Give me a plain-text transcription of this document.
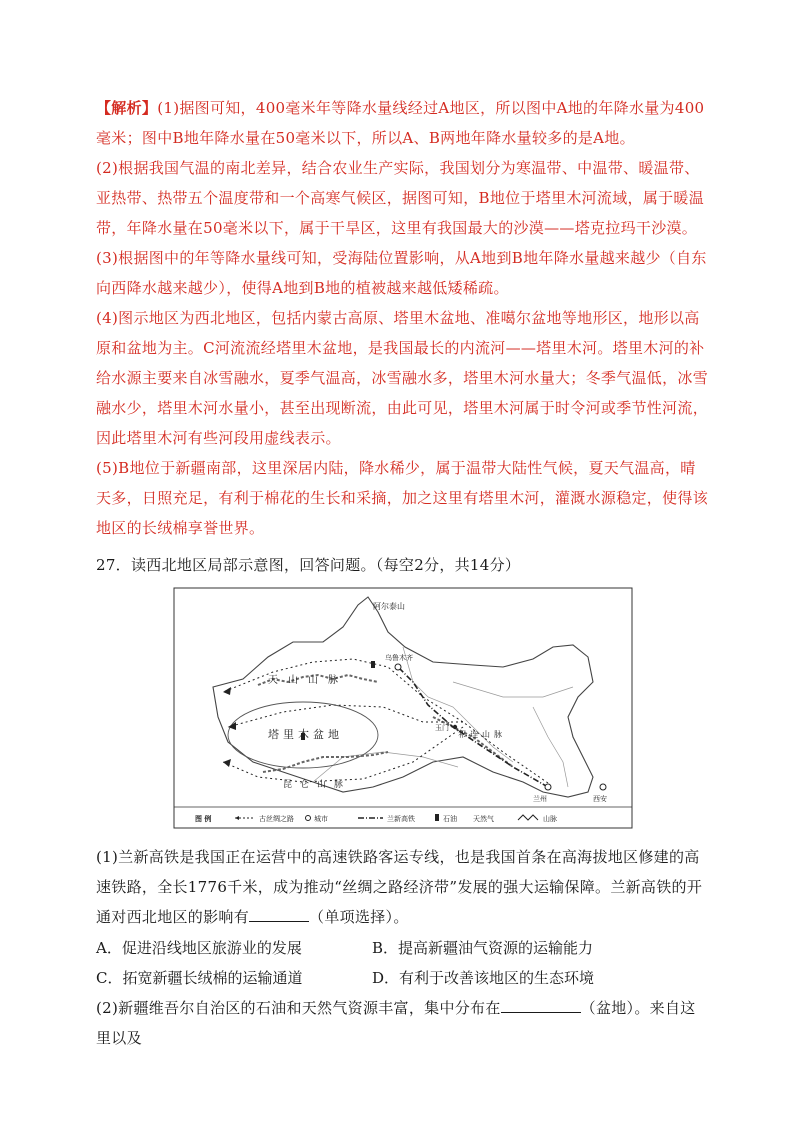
【解析】(1)据图可知，400毫米年等降水量线经过A地区，所以图中A地的年降水量为400毫米；图中B地年降水量在50毫米以下，所以A、B两地年降水量较多的是A地。

(2)根据我国气温的南北差异，结合农业生产实际，我国划分为寒温带、中温带、暖温带、亚热带、热带五个温度带和一个高寒气候区，据图可知，B地位于塔里木河流域，属于暖温带，年降水量在50毫米以下，属于干旱区，这里有我国最大的沙漠——塔克拉玛干沙漠。

(3)根据图中的年等降水量线可知，受海陆位置影响，从A地到B地年降水量越来越少（自东向西降水越来越少），使得A地到B地的植被越来越低矮稀疏。

(4)图示地区为西北地区，包括内蒙古高原、塔里木盆地、准噶尔盆地等地形区，地形以高原和盆地为主。C河流流经塔里木盆地，是我国最长的内流河——塔里木河。塔里木河的补给水源主要来自冰雪融水，夏季气温高，冰雪融水多，塔里木河水量大；冬季气温低，冰雪融水少，塔里木河水量小，甚至出现断流，由此可见，塔里木河属于时令河或季节性河流，因此塔里木河有些河段用虚线表示。

(5)B地位于新疆南部，这里深居内陆，降水稀少，属于温带大陆性气候，夏天气温高，晴天多，日照充足，有利于棉花的生长和采摘，加之这里有塔里木河，灌溉水源稳定，使得该地区的长绒棉享誉世界。

27．读西北地区局部示意图，回答问题。（每空2分，共14分）

阿尔泰山
乌鲁木齐
天山山脉
塔里木盆地
昆仑山脉
祁连山脉
玉门
兰州	西安
图 例	古丝绸之路	城市	兰新高铁	石油 天然气	山脉

(1)兰新高铁是我国正在运营中的高速铁路客运专线，也是我国首条在高海拔地区修建的高速铁路，全长1776千米，成为推动“丝绸之路经济带”发展的强大运输保障。兰新高铁的开通对西北地区的影响有	（单项选择）。

A．促进沿线地区旅游业的发展	B．提高新疆油气资源的运输能力
C．拓宽新疆长绒棉的运输通道	D．有利于改善该地区的生态环境

(2)新疆维吾尔自治区的石油和天然气资源丰富，集中分布在	（盆地）。来自这里以及
